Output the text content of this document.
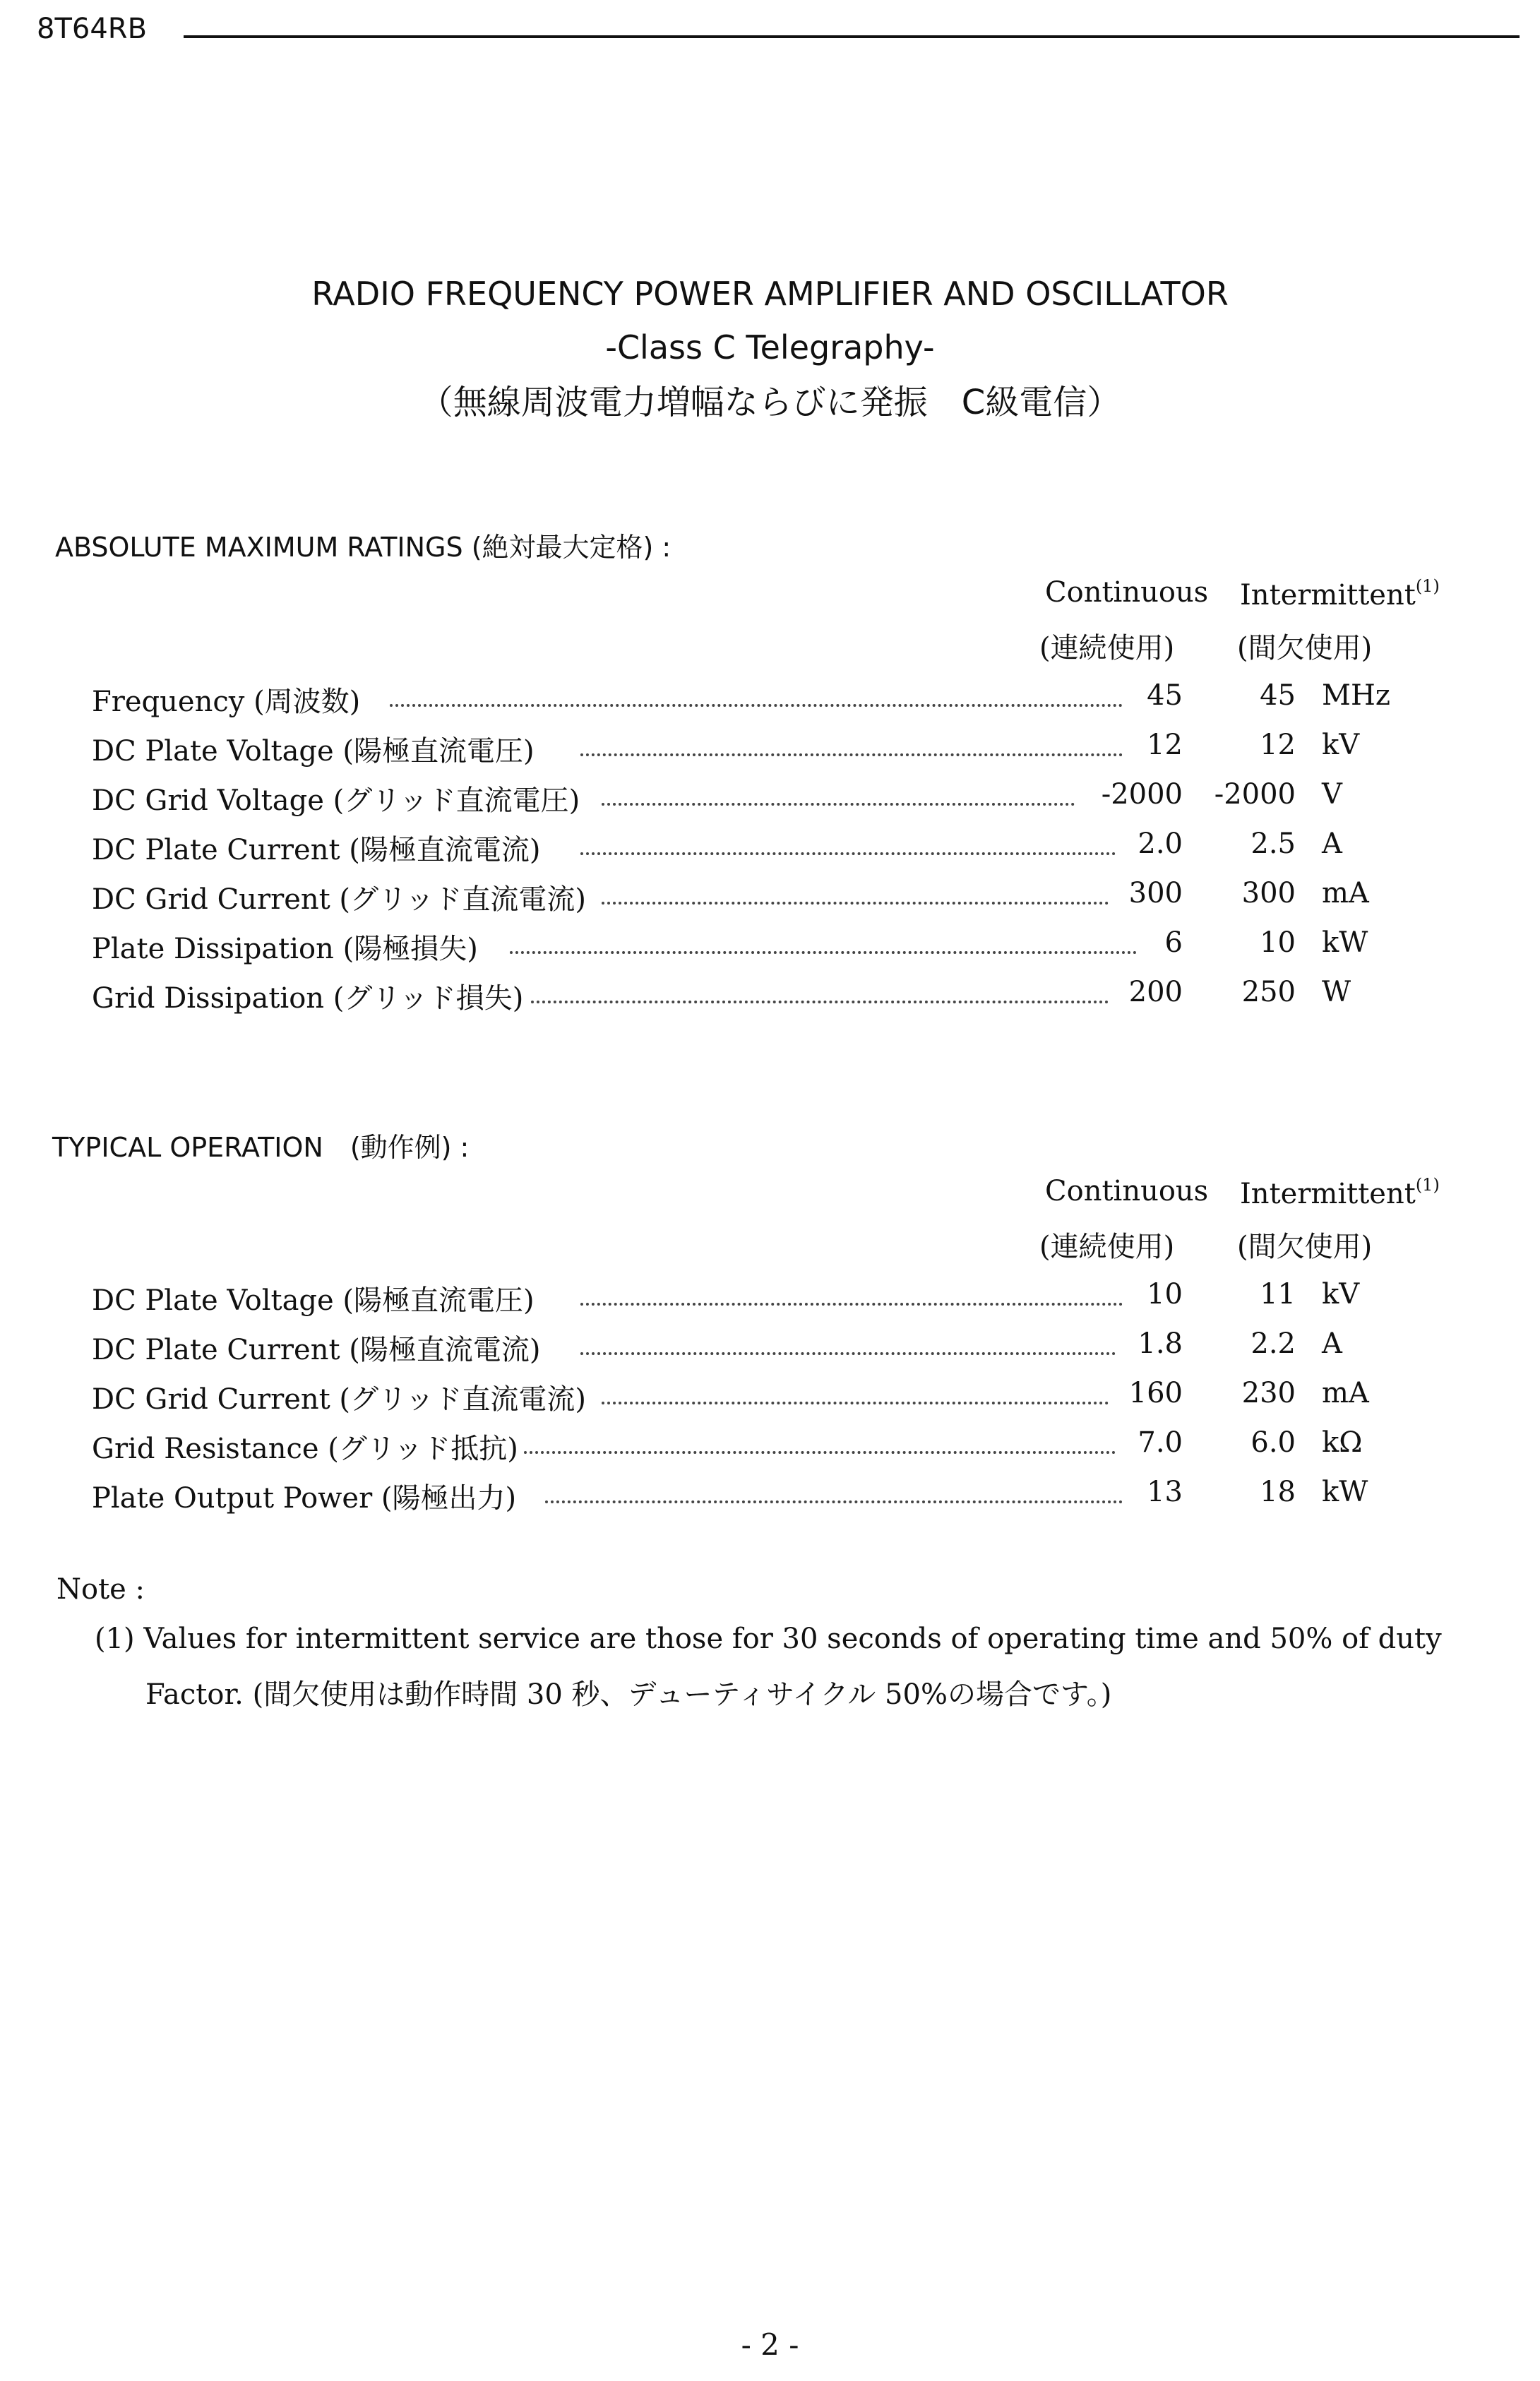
8T64RB
RADIO FREQUENCY POWER AMPLIFIER AND OSCILLATOR
-Class C Telegraphy-
（無線周波電力増幅ならびに発振　C級電信）
ABSOLUTE MAXIMUM RATINGS (絶対最大定格) :
Continuous Intermittent$^{(1)}$
(連続使用) (間欠使用)
Frequency (周波数)	45	45 MHz
DC Plate Voltage (陽極直流電圧)	12	12 kV
DC Grid Voltage (グリッド直流電圧)	-2000 -2000 V
DC Plate Current (陽極直流電流)	2.0 2.5 A
DC Grid Current (グリッド直流電流)	300 300 mA
Plate Dissipation (陽極損失)	6	10 kW
Grid Dissipation (グリッド損失)	200 250 W
TYPICAL OPERATION　(動作例) :
Continuous Intermittent$^{(1)}$
(連続使用) (間欠使用)
DC Plate Voltage (陽極直流電圧)	10	11 kV
DC Plate Current (陽極直流電流)	1.8 2.2 A
DC Grid Current (グリッド直流電流)	160 230 mA
Grid Resistance (グリッド抵抗)	7.0 6.0 kΩ
Plate Output Power (陽極出力)	13	18 kW
Note :
(1) Values for intermittent service are those for 30 seconds of operating time and 50% of duty
Factor. (間欠使用は動作時間 30 秒、デューティサイクル 50%の場合です。)
- 2 -
